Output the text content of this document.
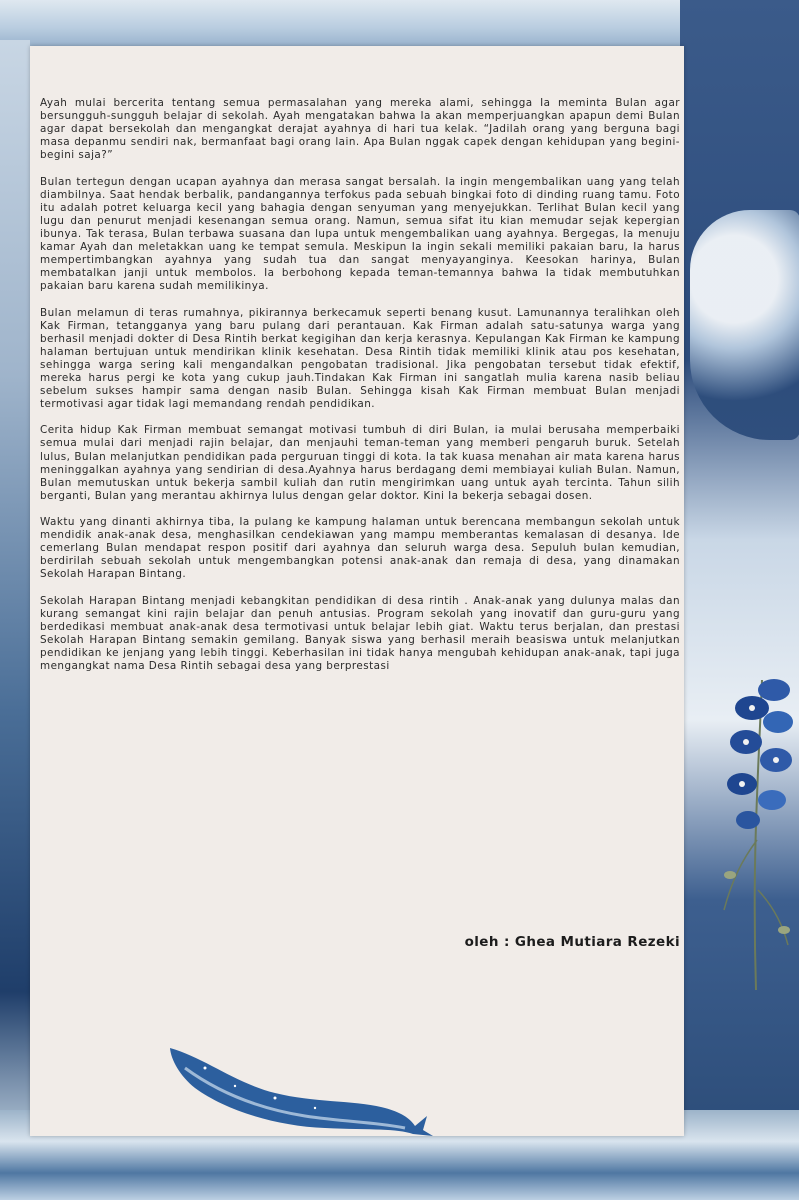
Ayah mulai bercerita tentang semua permasalahan yang mereka alami, sehingga Ia meminta Bulan agar bersungguh-sungguh belajar di sekolah. Ayah mengatakan bahwa Ia akan memperjuangkan apapun demi Bulan agar dapat bersekolah dan mengangkat derajat ayahnya di hari tua kelak. “Jadilah orang yang berguna bagi masa depanmu sendiri nak, bermanfaat bagi orang lain. Apa Bulan nggak capek dengan kehidupan yang begini-begini saja?”

Bulan tertegun dengan ucapan ayahnya dan merasa sangat bersalah. Ia ingin mengembalikan uang yang telah diambilnya. Saat hendak berbalik, pandangannya terfokus pada sebuah bingkai foto di dinding ruang tamu. Foto itu adalah potret keluarga kecil yang bahagia dengan senyuman yang menyejukkan. Terlihat Bulan kecil yang lugu dan penurut menjadi kesenangan semua orang. Namun, semua sifat itu kian memudar sejak kepergian ibunya. Tak terasa, Bulan terbawa suasana dan lupa untuk mengembalikan uang ayahnya. Bergegas, Ia menuju kamar Ayah dan meletakkan uang ke tempat semula. Meskipun Ia ingin sekali memiliki pakaian baru, Ia harus mempertimbangkan ayahnya yang sudah tua dan sangat menyayanginya. Keesokan harinya, Bulan membatalkan janji untuk membolos. Ia berbohong kepada teman-temannya bahwa Ia tidak membutuhkan pakaian baru karena sudah memilikinya.

Bulan melamun di teras rumahnya, pikirannya berkecamuk seperti benang kusut. Lamunannya teralihkan oleh Kak Firman, tetangganya yang baru pulang dari perantauan. Kak Firman adalah satu-satunya warga yang berhasil menjadi dokter di Desa Rintih berkat kegigihan dan kerja kerasnya. Kepulangan Kak Firman ke kampung halaman bertujuan untuk mendirikan klinik kesehatan. Desa Rintih tidak memiliki klinik atau pos kesehatan, sehingga warga sering kali mengandalkan pengobatan tradisional. Jika pengobatan tersebut tidak efektif, mereka harus pergi ke kota yang cukup jauh.Tindakan Kak Firman ini sangatlah mulia karena nasib beliau sebelum sukses hampir sama dengan nasib Bulan. Sehingga kisah Kak Firman membuat Bulan menjadi termotivasi agar tidak lagi memandang rendah pendidikan.

Cerita hidup Kak Firman membuat semangat motivasi tumbuh di diri Bulan, ia mulai berusaha memperbaiki semua mulai dari menjadi rajin belajar, dan menjauhi teman-teman yang memberi pengaruh buruk. Setelah lulus, Bulan melanjutkan pendidikan pada perguruan tinggi di kota. Ia tak kuasa menahan air mata karena harus meninggalkan ayahnya yang sendirian di desa.Ayahnya harus berdagang demi membiayai kuliah Bulan. Namun, Bulan memutuskan untuk bekerja sambil kuliah dan rutin mengirimkan uang untuk ayah tercinta. Tahun silih berganti, Bulan yang merantau akhirnya lulus dengan gelar doktor. Kini Ia bekerja sebagai dosen.

Waktu yang dinanti akhirnya tiba, Ia pulang ke kampung halaman untuk berencana membangun sekolah untuk mendidik anak-anak desa, menghasilkan cendekiawan yang mampu memberantas kemalasan di desanya. Ide cemerlang Bulan mendapat respon positif dari ayahnya dan seluruh warga desa. Sepuluh bulan kemudian, berdirilah sebuah sekolah untuk mengembangkan potensi anak-anak dan remaja di desa, yang dinamakan Sekolah Harapan Bintang.

Sekolah Harapan Bintang menjadi kebangkitan pendidikan di desa rintih . Anak-anak yang dulunya malas dan kurang semangat kini rajin belajar dan penuh antusias. Program sekolah yang inovatif dan guru-guru yang berdedikasi membuat anak-anak desa termotivasi untuk belajar lebih giat. Waktu terus berjalan, dan prestasi Sekolah Harapan Bintang semakin gemilang. Banyak siswa yang berhasil meraih beasiswa untuk melanjutkan pendidikan ke jenjang yang lebih tinggi. Keberhasilan ini tidak hanya mengubah kehidupan anak-anak, tapi juga mengangkat nama Desa Rintih sebagai desa yang berprestasi

oleh : Ghea Mutiara Rezeki
